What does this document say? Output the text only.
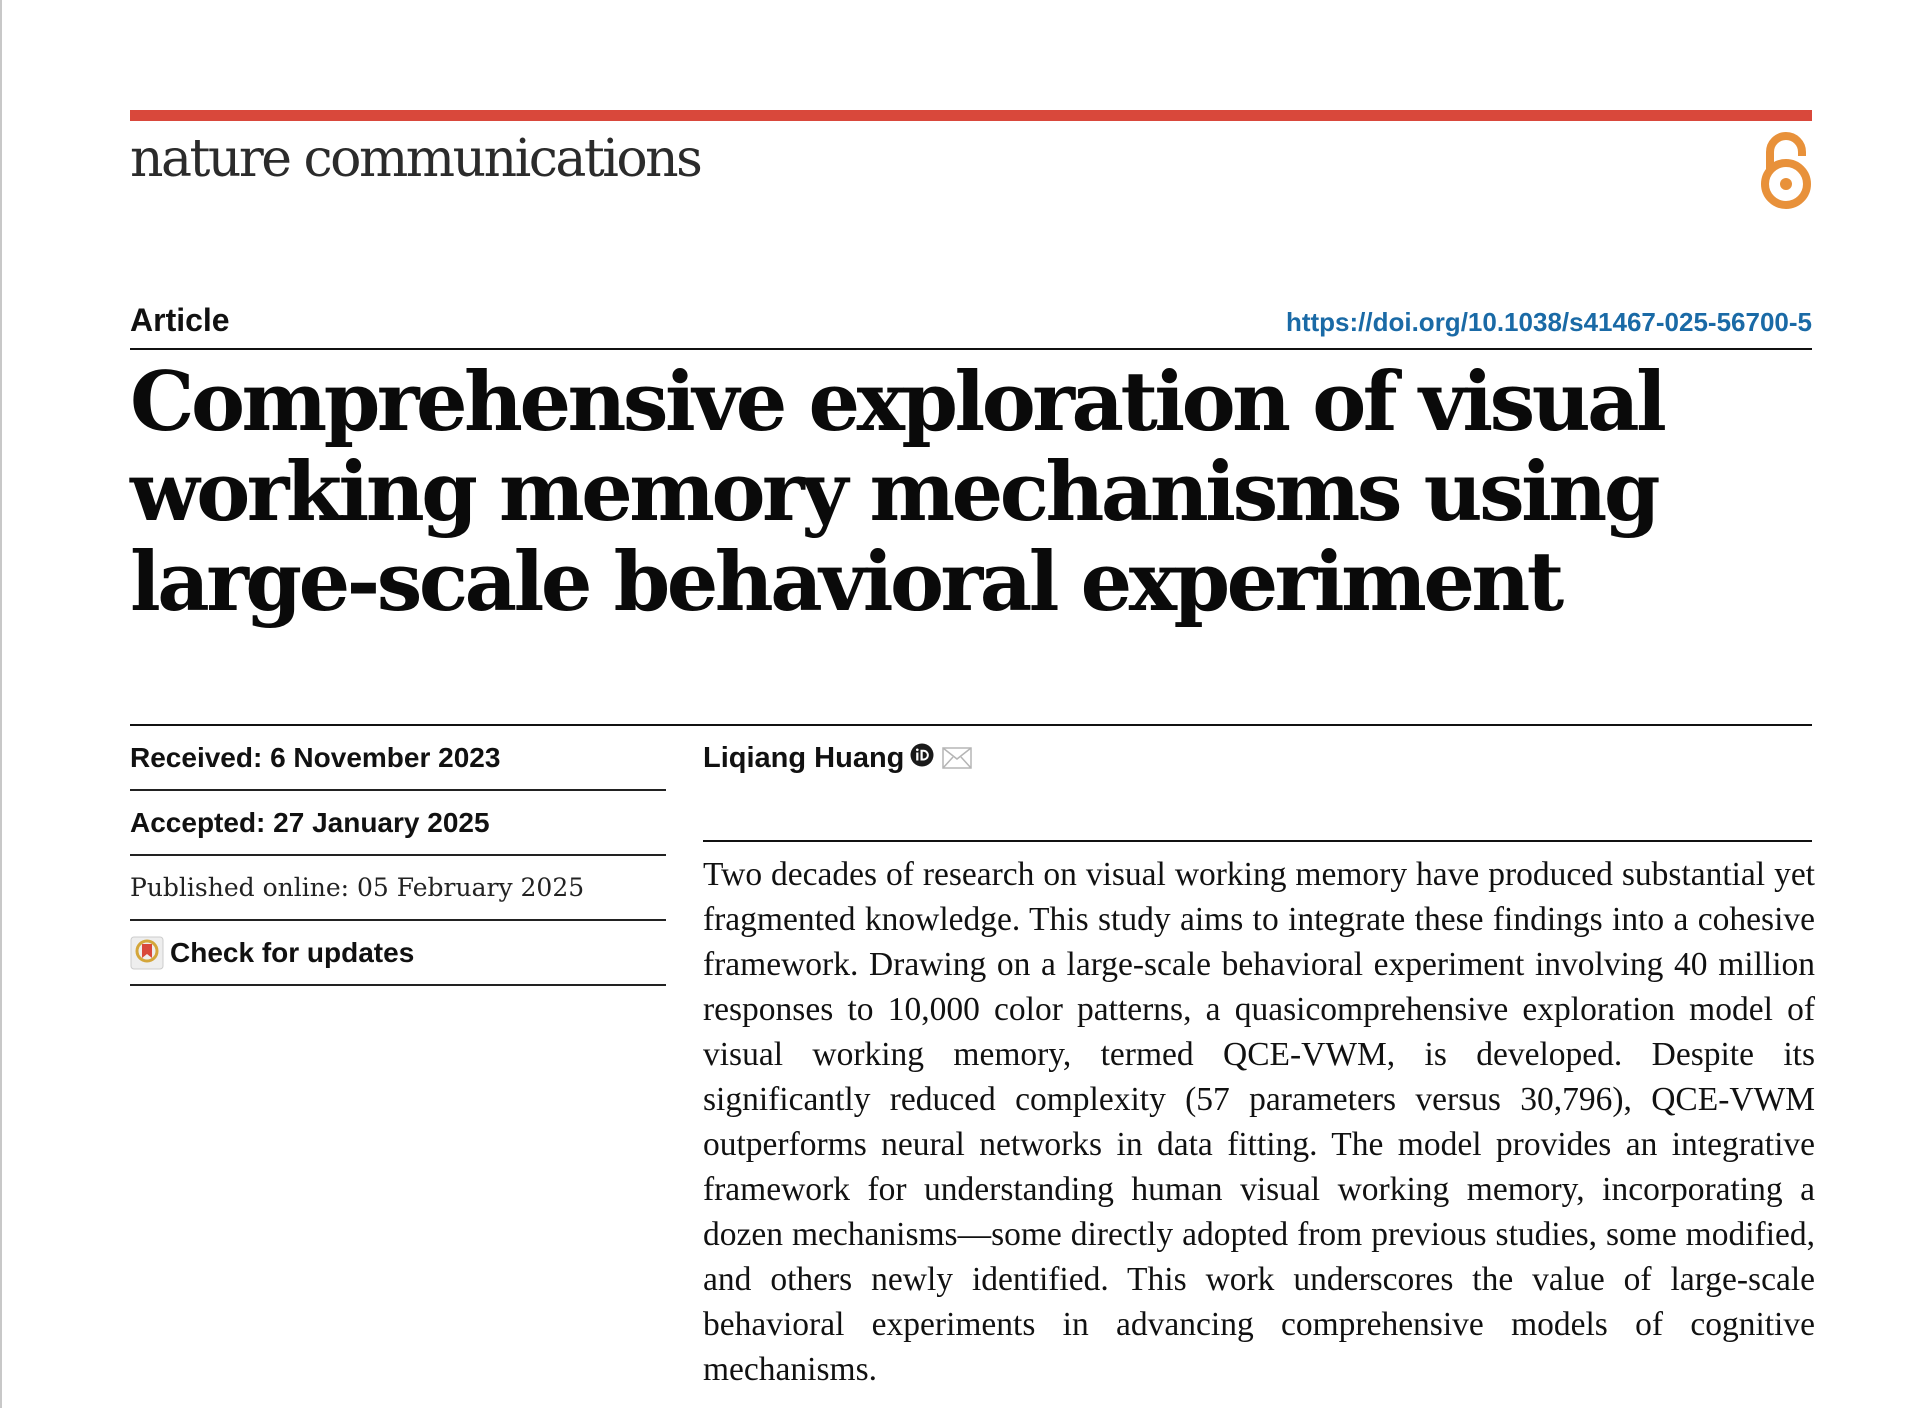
nature communications
Article	https://doi.org/10.1038/s41467-025-56700-5
Comprehensive exploration of visual working memory mechanisms using large-scale behavioral experiment
Received: 6 November 2023
Accepted: 27 January 2025
Published online: 05 February 2025
Check for updates
Liqiang Huang

Two decades of research on visual working memory have produced substantial yet fragmented knowledge. This study aims to integrate these findings into a cohesive framework. Drawing on a large-scale behavioral experiment involving 40 million responses to 10,000 color patterns, a quasicomprehensive exploration model of visual working memory, termed QCE-VWM, is developed. Despite its significantly reduced complexity (57 parameters versus 30,796), QCE-VWM outperforms neural networks in data fitting. The model provides an integrative framework for understanding human visual working memory, incorporating a dozen mechanisms—some directly adopted from previous studies, some modified, and others newly identified. This work underscores the value of large-scale behavioral experiments in advancing comprehensive models of cognitive mechanisms.
